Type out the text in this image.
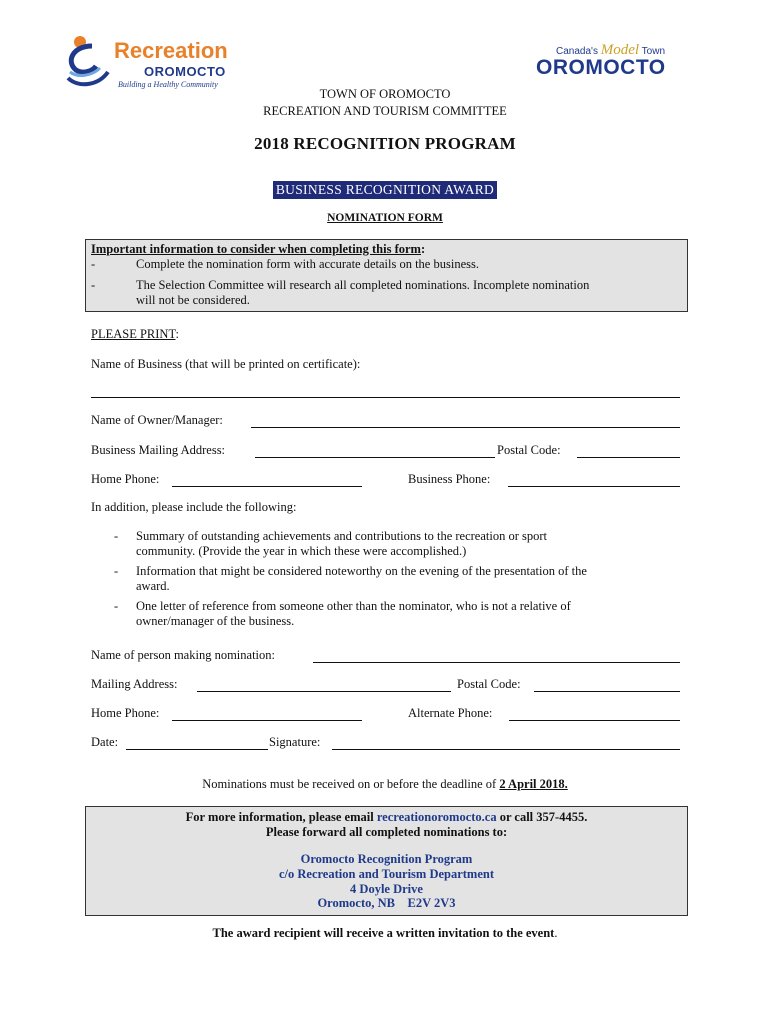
Recreation
OROMOCTO
Building a Healthy Community
Canada's Model Town
OROMOCTO
TOWN OF OROMOCTO
RECREATION AND TOURISM COMMITTEE
2018 RECOGNITION PROGRAM
BUSINESS RECOGNITION AWARD
NOMINATION FORM
Important information to consider when completing this form:
-	Complete the nomination form with accurate details on the business.
-	The Selection Committee will research all completed nominations. Incomplete nomination
will not be considered.
PLEASE PRINT:
Name of Business (that will be printed on certificate):
Name of Owner/Manager:
Business Mailing Address:	Postal Code:
Home Phone:	Business Phone:
In addition, please include the following:
- Summary of outstanding achievements and contributions to the recreation or sport
community. (Provide the year in which these were accomplished.)
- Information that might be considered noteworthy on the evening of the presentation of the
award.
- One letter of reference from someone other than the nominator, who is not a relative of
owner/manager of the business.
Name of person making nomination:
Mailing Address:	Postal Code:
Home Phone:	Alternate Phone:
Date:	Signature:
Nominations must be received on or before the deadline of 2 April 2018.
For more information, please email recreationoromocto.ca or call 357-4455.
Please forward all completed nominations to:
Oromocto Recognition Program
c/o Recreation and Tourism Department
4 Doyle Drive
Oromocto, NB    E2V 2V3
The award recipient will receive a written invitation to the event.
